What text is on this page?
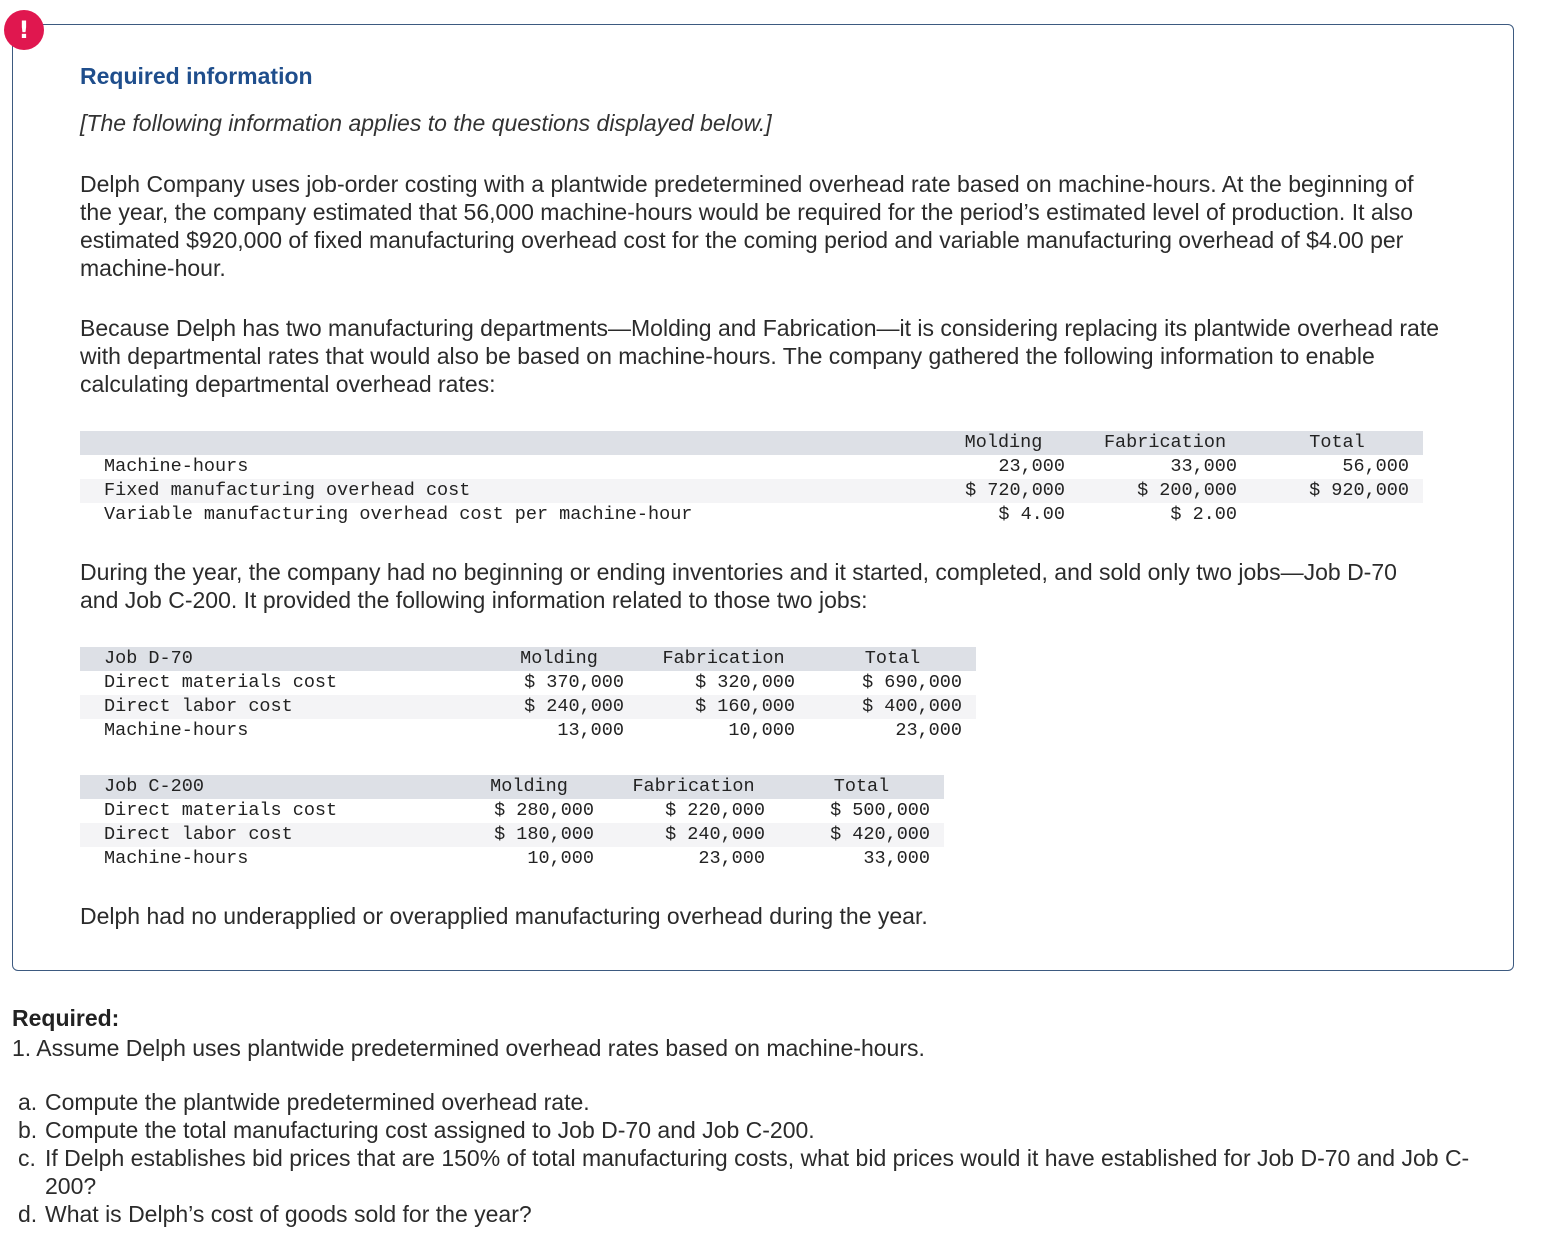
!
Required information

[The following information applies to the questions displayed below.]

Delph Company uses job-order costing with a plantwide predetermined overhead rate based on machine-hours. At the beginning of the year, the company estimated that 56,000 machine-hours would be required for the period’s estimated level of production. It also estimated $920,000 of fixed manufacturing overhead cost for the coming period and variable manufacturing overhead of $4.00 per machine-hour.

Because Delph has two manufacturing departments—Molding and Fabrication—it is considering replacing its plantwide overhead rate with departmental rates that would also be based on machine-hours. The company gathered the following information to enable calculating departmental overhead rates:

	Molding	Fabrication	Total
Machine-hours	23,000	33,000	56,000
Fixed manufacturing overhead cost	$ 720,000	$ 200,000	$ 920,000
Variable manufacturing overhead cost per machine-hour	$ 4.00	$ 2.00	

During the year, the company had no beginning or ending inventories and it started, completed, and sold only two jobs—Job D-70 and Job C-200. It provided the following information related to those two jobs:

Job D-70	Molding	Fabrication	Total
Direct materials cost	$ 370,000	$ 320,000	$ 690,000
Direct labor cost	$ 240,000	$ 160,000	$ 400,000
Machine-hours	13,000	10,000	23,000
Job C-200	Molding	Fabrication	Total
Direct materials cost	$ 280,000	$ 220,000	$ 500,000
Direct labor cost	$ 180,000	$ 240,000	$ 420,000
Machine-hours	10,000	23,000	33,000

Delph had no underapplied or overapplied manufacturing overhead during the year.

Required:

1. Assume Delph uses plantwide predetermined overhead rates based on machine-hours.

a. Compute the plantwide predetermined overhead rate.
b. Compute the total manufacturing cost assigned to Job D-70 and Job C-200.
c. If Delph establishes bid prices that are 150% of total manufacturing costs, what bid prices would it have established for Job D-70 and Job C-200?
d. What is Delph’s cost of goods sold for the year?
